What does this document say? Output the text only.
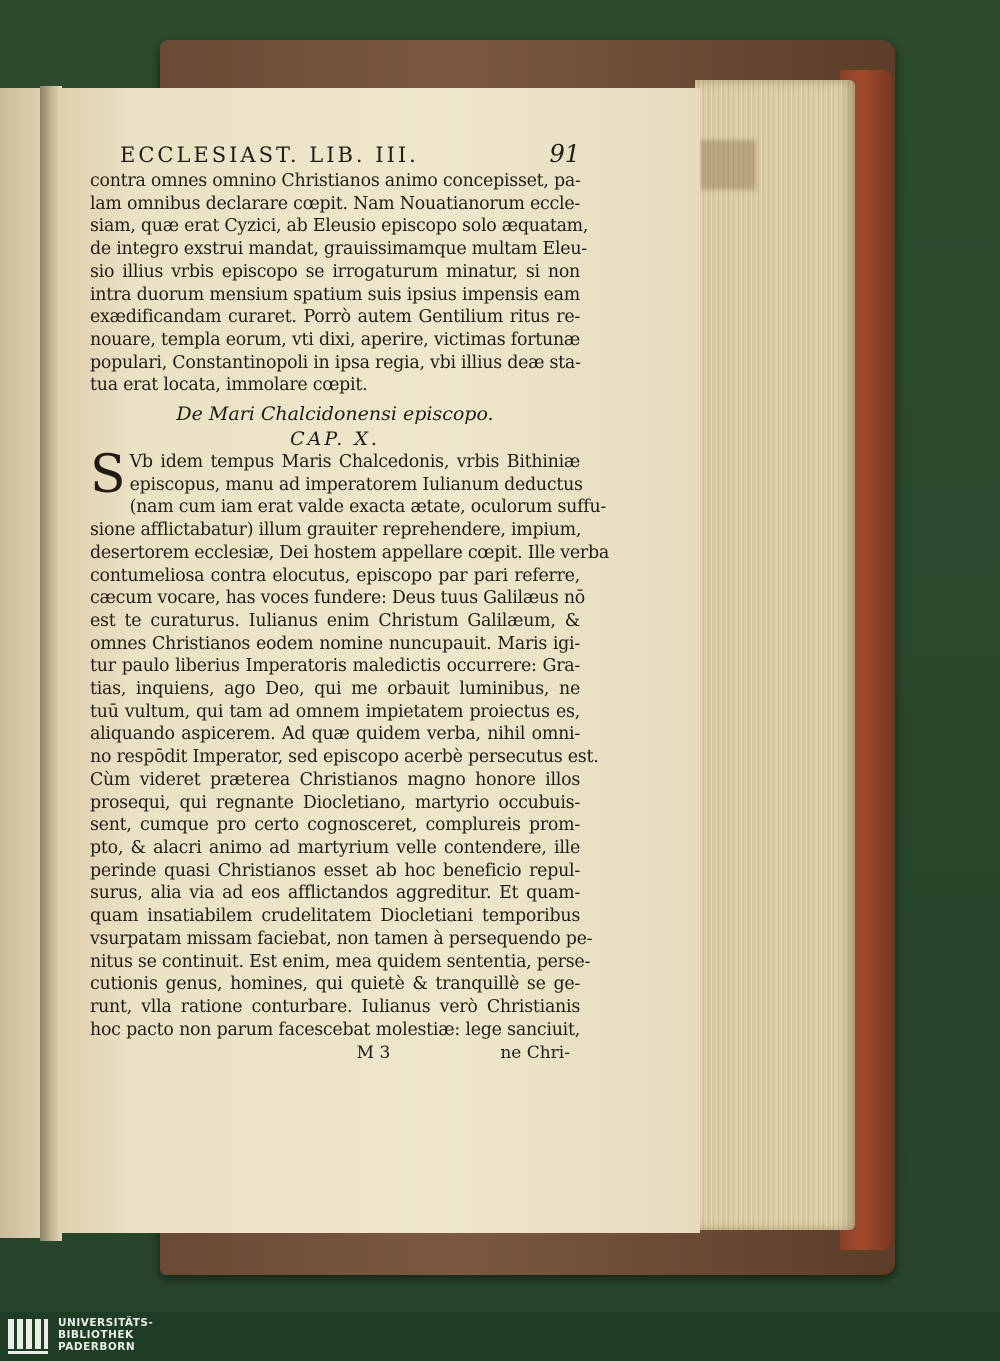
ECCLESIAST. LIB. III.	91
contra omnes omnino Christianos animo concepisset, pa-
lam omnibus declarare cœpit. Nam Nouatianorum eccle-
siam, quæ erat Cyzici, ab Eleusio episcopo solo æquatam,
de integro exstrui mandat, grauissimamque multam Eleu-
sio illius vrbis episcopo se irrogaturum minatur, si non
intra duorum mensium spatium suis ipsius impensis eam
exædificandam curaret. Porrò autem Gentilium ritus re-
nouare, templa eorum, vti dixi, aperire, victimas fortunæ
populari, Constantinopoli in ipsa regia, vbi illius deæ sta-
tua erat locata, immolare cœpit.
De Mari Chalcidonensi episcopo.
CAP. X.
S Vb idem tempus Maris Chalcedonis, vrbis Bithiniæ
episcopus, manu ad imperatorem Iulianum deductus
(nam cum iam erat valde exacta ætate, oculorum suffu-
sione afflictabatur) illum grauiter reprehendere, impium,
desertorem ecclesiæ, Dei hostem appellare cœpit. Ille verba
contumeliosa contra elocutus, episcopo par pari referre,
cæcum vocare, has voces fundere: Deus tuus Galilæus nō
est te curaturus. Iulianus enim Christum Galilæum, &
omnes Christianos eodem nomine nuncupauit. Maris igi-
tur paulo liberius Imperatoris maledictis occurrere: Gra-
tias, inquiens, ago Deo, qui me orbauit luminibus, ne
tuū vultum, qui tam ad omnem impietatem proiectus es,
aliquando aspicerem. Ad quæ quidem verba, nihil omni-
no respōdit Imperator, sed episcopo acerbè persecutus est.
Cùm videret præterea Christianos magno honore illos
prosequi, qui regnante Diocletiano, martyrio occubuis-
sent, cumque pro certo cognosceret, complureis prom-
pto, & alacri animo ad martyrium velle contendere, ille
perinde quasi Christianos esset ab hoc beneficio repul-
surus, alia via ad eos afflictandos aggreditur. Et quam-
quam insatiabilem crudelitatem Diocletiani temporibus
vsurpatam missam faciebat, non tamen à persequendo pe-
nitus se continuit. Est enim, mea quidem sententia, perse-
cutionis genus, homines, qui quietè & tranquillè se ge-
runt, vlla ratione conturbare. Iulianus verò Christianis
hoc pacto non parum facescebat molestiæ: lege sanciuit,
M 3	ne Chri-
UNIVERSITÄTS-
BIBLIOTHEK
PADERBORN
